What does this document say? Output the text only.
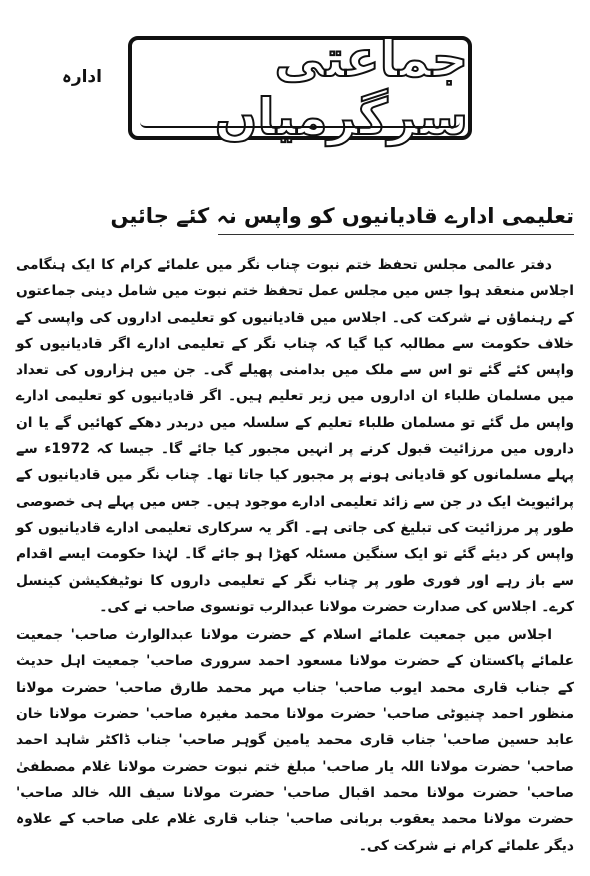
ادارہ	جماعتی سرگرمیاں
تعلیمی ادارے قادیانیوں کو واپس نہ کئے جائیں

دفتر عالمی مجلس تحفظ ختم نبوت چناب نگر میں علمائے کرام کا ایک ہنگامی اجلاس منعقد ہوا جس میں مجلس عمل تحفظ ختم نبوت میں شامل دینی جماعتوں کے رہنماؤں نے شرکت کی۔ اجلاس میں قادیانیوں کو تعلیمی اداروں کی واپسی کے خلاف حکومت سے مطالبہ کیا گیا کہ چناب نگر کے تعلیمی ادارے اگر قادیانیوں کو واپس کئے گئے تو اس سے ملک میں بدامنی پھیلے گی۔ جن میں ہزاروں کی تعداد میں مسلمان طلباء ان اداروں میں زیر تعلیم ہیں۔ اگر قادیانیوں کو تعلیمی ادارے واپس مل گئے تو مسلمان طلباء تعلیم کے سلسلہ میں دربدر دھکے کھائیں گے یا ان داروں میں مرزائیت قبول کرنے پر انہیں مجبور کیا جائے گا۔ جیسا کہ 1972ء سے پہلے مسلمانوں کو قادیانی ہونے پر مجبور کیا جاتا تھا۔ چناب نگر میں قادیانیوں کے پرائیویٹ ایک در جن سے زائد تعلیمی ادارے موجود ہیں۔ جس میں پہلے ہی خصوصی طور پر مرزائیت کی تبلیغ کی جاتی ہے۔ اگر یہ سرکاری تعلیمی ادارے قادیانیوں کو واپس کر دیئے گئے تو ایک سنگین مسئلہ کھڑا ہو جائے گا۔ لہٰذا حکومت ایسے اقدام سے باز رہے اور فوری طور پر چناب نگر کے تعلیمی داروں کا نوٹیفکیشن کینسل کرے۔ اجلاس کی صدارت حضرت مولانا عبدالرب تونسوی صاحب نے کی۔

اجلاس میں جمعیت علمائے اسلام کے حضرت مولانا عبدالوارث صاحب' جمعیت علمائے پاکستان کے حضرت مولانا مسعود احمد سروری صاحب' جمعیت اہل حدیث کے جناب قاری محمد ایوب صاحب' جناب مہر محمد طارق صاحب' حضرت مولانا منظور احمد چنیوٹی صاحب' حضرت مولانا محمد مغیرہ صاحب' حضرت مولانا خان عابد حسین صاحب' جناب قاری محمد یامین گوہر صاحب' جناب ڈاکٹر شاہد احمد صاحب' حضرت مولانا اللہ یار صاحب' مبلغ ختم نبوت حضرت مولانا غلام مصطفیٰ صاحب' حضرت مولانا محمد اقبال صاحب' حضرت مولانا سیف اللہ خالد صاحب' حضرت مولانا محمد یعقوب بربانی صاحب' جناب قاری غلام علی صاحب کے علاوہ دیگر علمائے کرام نے شرکت کی۔
